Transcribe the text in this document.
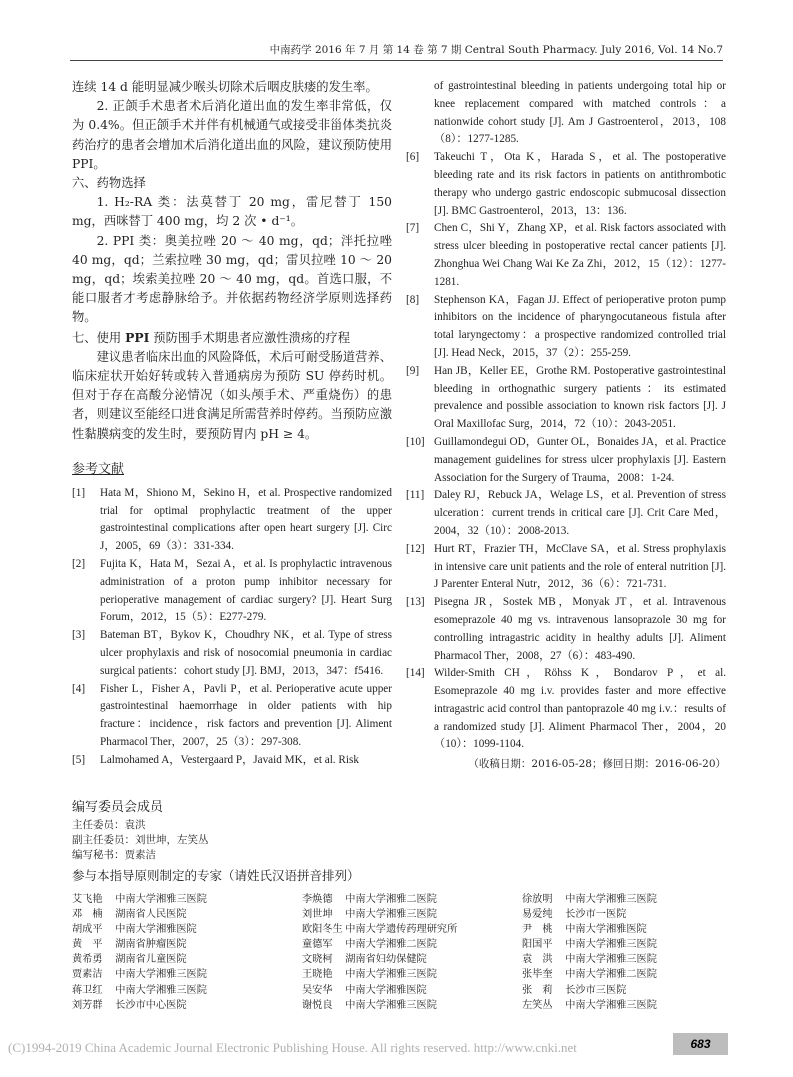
中南药学 2016 年 7 月 第 14 卷 第 7 期 Central South Pharmacy. July 2016, Vol. 14 No.7

连续 14 d 能明显减少喉头切除术后咽皮肤瘘的发生率。

2. 正颌手术患者术后消化道出血的发生率非常低，仅为 0.4%。但正颌手术并伴有机械通气或接受非甾体类抗炎药治疗的患者会增加术后消化道出血的风险，建议预防使用 PPI。

六、药物选择

1. H₂-RA 类：法莫替丁 20 mg，雷尼替丁 150 mg，西咪替丁 400 mg，均 2 次 • d⁻¹。

2. PPI 类：奥美拉唑 20 ～ 40 mg，qd；泮托拉唑 40 mg，qd；兰索拉唑 30 mg，qd；雷贝拉唑 10 ～ 20 mg，qd；埃索美拉唑 20 ～ 40 mg，qd。首选口服，不能口服者才考虑静脉给予。并依据药物经济学原则选择药物。

七、使用 PPI 预防围手术期患者应激性溃疡的疗程

建议患者临床出血的风险降低，术后可耐受肠道营养、临床症状开始好转或转入普通病房为预防 SU 停药时机。但对于存在高酸分泌情况（如头颅手术、严重烧伤）的患者，则建议至能经口进食满足所需营养时停药。当预防应激性黏膜病变的发生时，要预防胃内 pH ≥ 4。

参考文献
[1]	Hata M，Shiono M，Sekino H，et al. Prospective randomized trial for optimal prophylactic treatment of the upper gastrointestinal complications after open heart surgery [J]. Circ J，2005，69（3）：331-334.
[2]	Fujita K，Hata M，Sezai A，et al. Is prophylactic intravenous administration of a proton pump inhibitor necessary for perioperative management of cardiac surgery? [J]. Heart Surg Forum，2012，15（5）：E277-279.
[3]	Bateman BT，Bykov K，Choudhry NK，et al. Type of stress ulcer prophylaxis and risk of nosocomial pneumonia in cardiac surgical patients：cohort study [J]. BMJ，2013，347：f5416.
[4]	Fisher L，Fisher A，Pavli P，et al. Perioperative acute upper gastrointestinal haemorrhage in older patients with hip fracture：incidence，risk factors and prevention [J]. Aliment Pharmacol Ther，2007，25（3）：297-308.
[5]	Lalmohamed A，Vestergaard P，Javaid MK，et al. Risk
of gastrointestinal bleeding in patients undergoing total hip or knee replacement compared with matched controls：a nationwide cohort study [J]. Am J Gastroenterol，2013，108（8）：1277-1285.
[6]	Takeuchi T，Ota K，Harada S，et al. The postoperative bleeding rate and its risk factors in patients on antithrombotic therapy who undergo gastric endoscopic submucosal dissection [J]. BMC Gastroenterol，2013，13：136.
[7]	Chen C，Shi Y，Zhang XP，et al. Risk factors associated with stress ulcer bleeding in postoperative rectal cancer patients [J]. Zhonghua Wei Chang Wai Ke Za Zhi，2012，15（12）：1277-1281.
[8]	Stephenson KA，Fagan JJ. Effect of perioperative proton pump inhibitors on the incidence of pharyngocutaneous fistula after total laryngectomy：a prospective randomized controlled trial [J]. Head Neck，2015，37（2）：255-259.
[9]	Han JB，Keller EE，Grothe RM. Postoperative gastrointestinal bleeding in orthognathic surgery patients：its estimated prevalence and possible association to known risk factors [J]. J Oral Maxillofac Surg，2014，72（10）：2043-2051.
[10] Guillamondegui OD，Gunter OL，Bonaides JA，et al. Practice management guidelines for stress ulcer prophylaxis [J]. Eastern Association for the Surgery of Trauma，2008：1-24.
[11] Daley RJ，Rebuck JA，Welage LS，et al. Prevention of stress ulceration：current trends in critical care [J]. Crit Care Med，2004，32（10）：2008-2013.
[12] Hurt RT，Frazier TH，McClave SA，et al. Stress prophylaxis in intensive care unit patients and the role of enteral nutrition [J]. J Parenter Enteral Nutr，2012，36（6）：721-731.
[13] Pisegna JR，Sostek MB，Monyak JT，et al. Intravenous esomeprazole 40 mg vs. intravenous lansoprazole 30 mg for controlling intragastric acidity in healthy adults [J]. Aliment Pharmacol Ther，2008，27（6）：483-490.
[14] Wilder-Smith CH，Röhss K，Bondarov P，et al. Esomeprazole 40 mg i.v. provides faster and more effective intragastric acid control than pantoprazole 40 mg i.v.：results of a randomized study [J]. Aliment Pharmacol Ther，2004，20（10）：1099-1104.
（收稿日期：2016-05-28；修回日期：2016-06-20）
编写委员会成员

主任委员：袁洪

副主任委员：刘世坤，左笑丛

编写秘书：贾素洁

参与本指导原则制定的专家（请姓氏汉语拼音排列）
艾飞艳 中南大学湘雅三医院	李焕德 中南大学湘雅二医院	徐放明 中南大学湘雅三医院
邓　楠 湖南省人民医院	刘世坤 中南大学湘雅三医院	易爱纯 长沙市一医院
胡成平 中南大学湘雅医院	欧阳冬生 中南大学遗传药理研究所	尹　桃 中南大学湘雅医院
黄　平 湖南省肿瘤医院	童德军 中南大学湘雅二医院	阳国平 中南大学湘雅三医院
黄希勇 湖南省儿童医院	文晓柯 湖南省妇幼保健院	袁　洪 中南大学湘雅三医院
贾素洁 中南大学湘雅三医院	王晓艳 中南大学湘雅三医院	张毕奎 中南大学湘雅二医院
蒋卫红 中南大学湘雅三医院	吴安华 中南大学湘雅医院	张　莉 长沙市三医院
刘芳群 长沙市中心医院	谢悦良 中南大学湘雅三医院	左笑丛 中南大学湘雅三医院
(C)1994-2019 China Academic Journal Electronic Publishing House. All rights reserved. http://www.cnki.net	683
